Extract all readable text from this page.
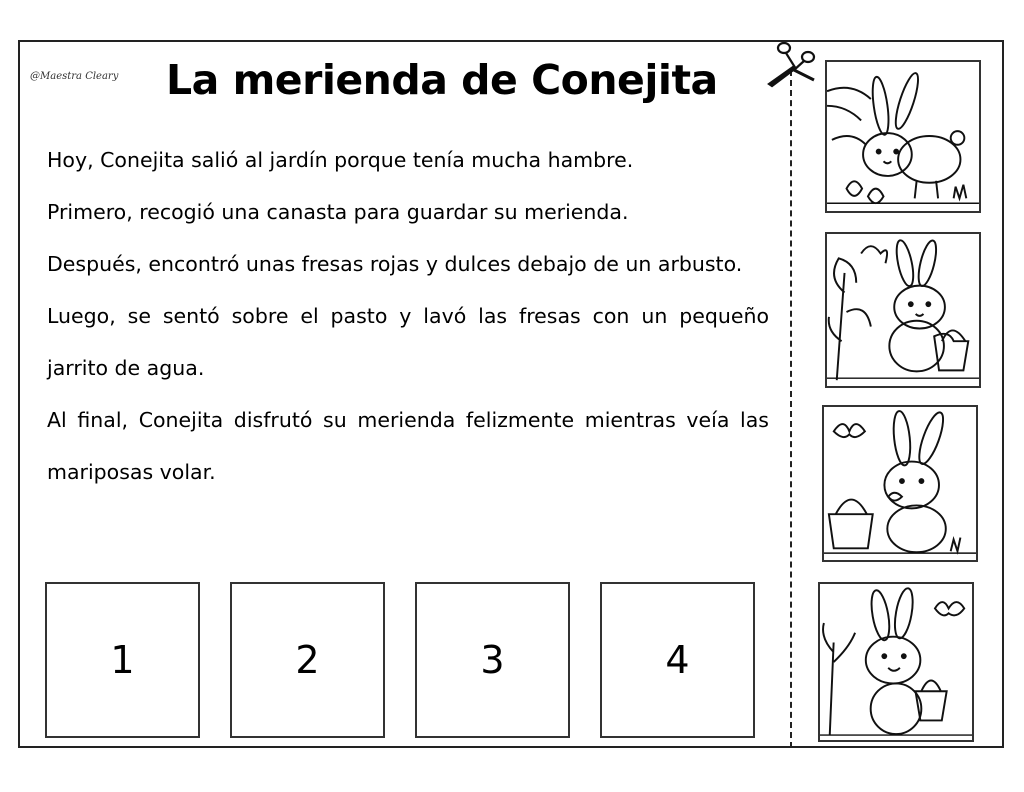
@Maestra Cleary La merienda de Conejita

Hoy, Conejita salió al jardín porque tenía mucha hambre.

Primero, recogió una canasta para guardar su merienda.

Después, encontró unas fresas rojas y dulces debajo de un arbusto.

Luego, se sentó sobre el pasto y lavó las fresas con un pequeño jarrito de agua.

Al final, Conejita disfrutó su merienda felizmente mientras veía las mariposas volar.

1	2	3	4
